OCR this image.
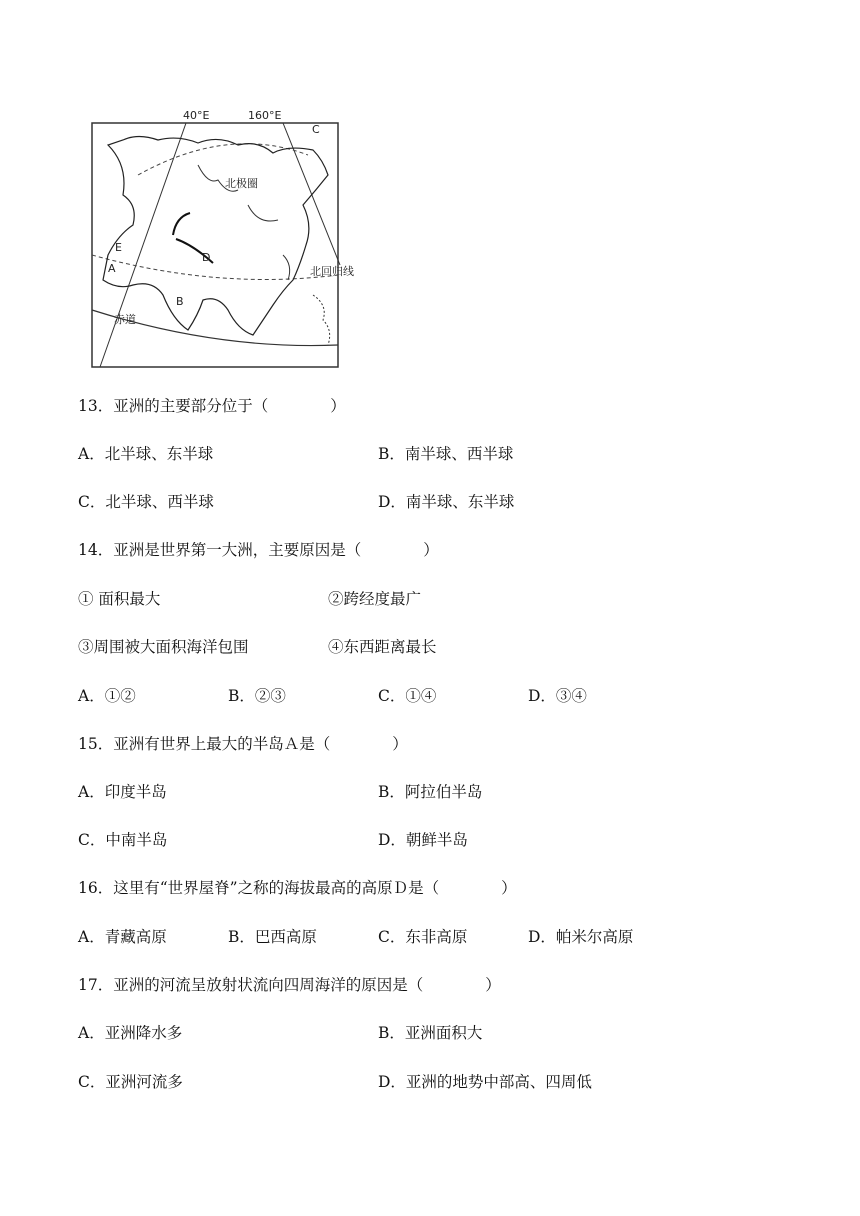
40°E	160°E
C
北极圈
E
A
D
B
赤道
北回归线
13．亚洲的主要部分位于（　　　　）
A．北半球、东半球	B．南半球、西半球
C．北半球、西半球	D．南半球、东半球
14．亚洲是世界第一大洲，主要原因是（　　　　）
① 面积最大	②跨经度最广
③周围被大面积海洋包围	④东西距离最长
A．①②	B．②③	C．①④	D．③④
15．亚洲有世界上最大的半岛Ａ是（　　　　）
A．印度半岛	B．阿拉伯半岛
C．中南半岛	D．朝鲜半岛
16．这里有“世界屋脊”之称的海拔最高的高原Ｄ是（　　　　）
A．青藏高原	B．巴西高原	C．东非高原	D．帕米尔高原
17．亚洲的河流呈放射状流向四周海洋的原因是（　　　　）
A．亚洲降水多	B．亚洲面积大
C．亚洲河流多	D．亚洲的地势中部高、四周低
